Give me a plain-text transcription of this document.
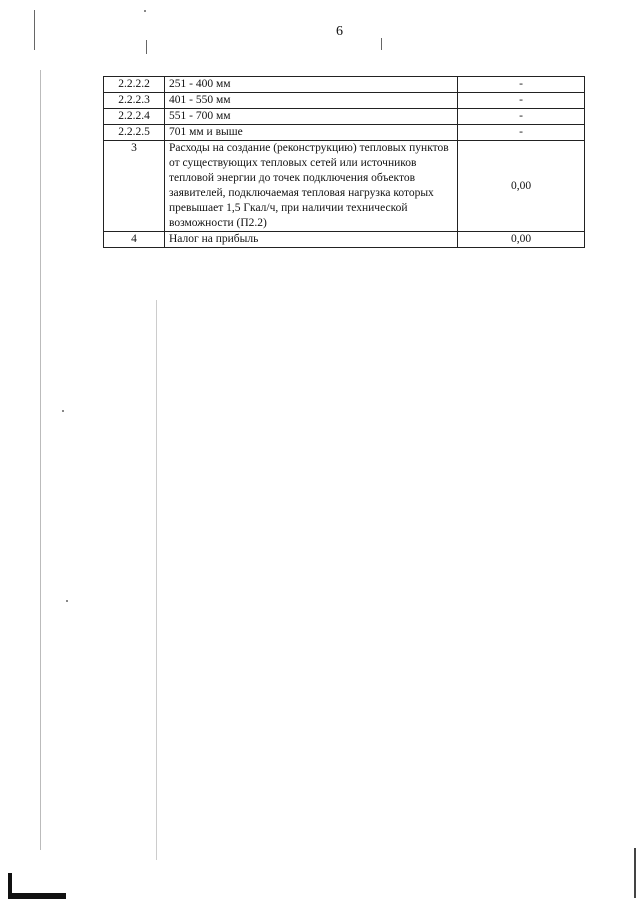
6
2.2.2.2	251 - 400 мм	-
2.2.2.3	401 - 550 мм	-
2.2.2.4	551 - 700 мм	-
2.2.2.5	701 мм и выше	-
3	Расходы на создание (реконструкцию) тепловых пунктов от существующих тепловых сетей или источников тепловой энергии до точек подключения объектов заявителей, подключаемая тепловая нагрузка которых превышает 1,5 Гкал/ч, при наличии технической возможности (П2.2)	0,00
4	Налог на прибыль	0,00
